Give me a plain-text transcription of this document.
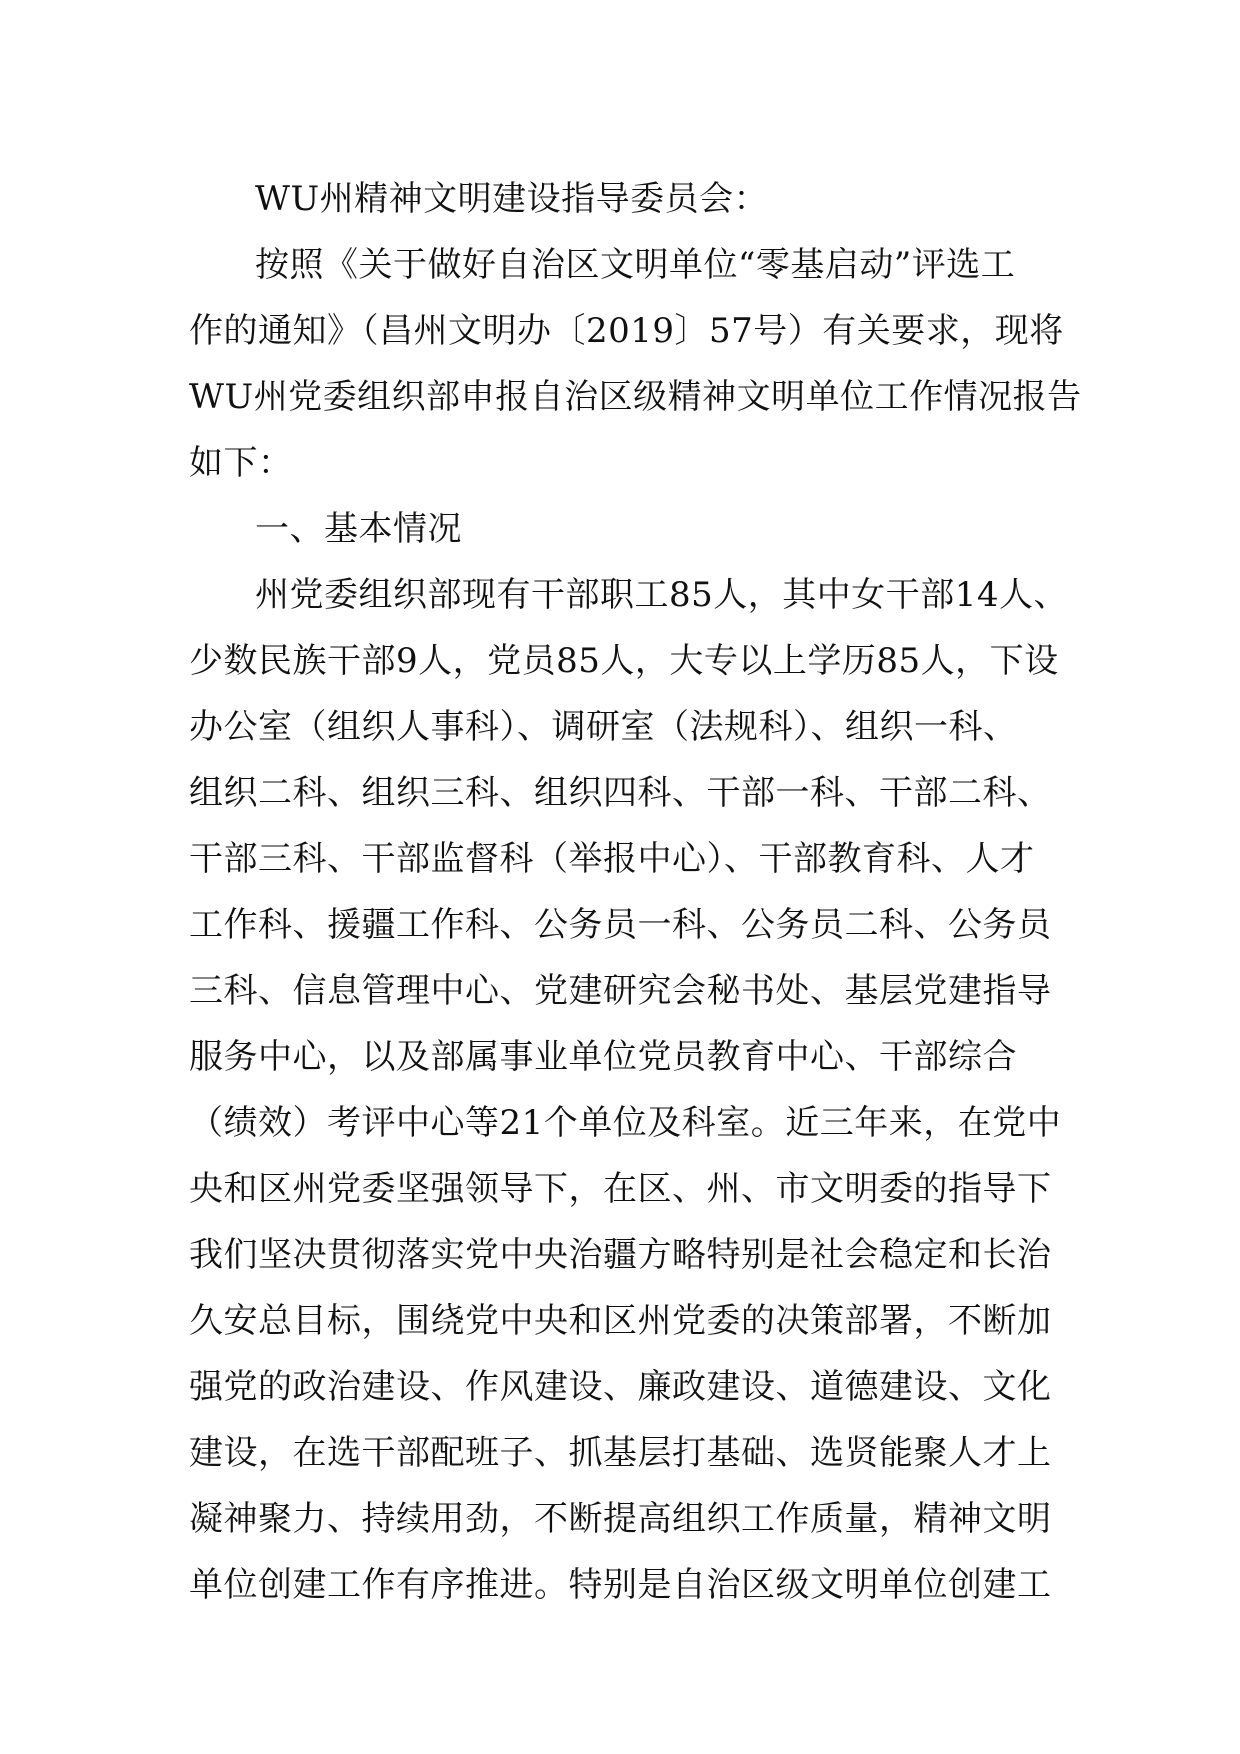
WU州精神文明建设指导委员会：
按照《关于做好自治区文明单位“零基启动”评选工
作的通知》（昌州文明办〔2019〕57号）有关要求，现将
WU州党委组织部申报自治区级精神文明单位工作情况报告
如下：
一、基本情况
州党委组织部现有干部职工85人，其中女干部14人、
少数民族干部9人，党员85人，大专以上学历85人，下设
办公室（组织人事科）、调研室（法规科）、组织一科、
组织二科、组织三科、组织四科、干部一科、干部二科、
干部三科、干部监督科（举报中心）、干部教育科、人才
工作科、援疆工作科、公务员一科、公务员二科、公务员
三科、信息管理中心、党建研究会秘书处、基层党建指导
服务中心，以及部属事业单位党员教育中心、干部综合
（绩效）考评中心等21个单位及科室。近三年来，在党中
央和区州党委坚强领导下，在区、州、市文明委的指导下
我们坚决贯彻落实党中央治疆方略特别是社会稳定和长治
久安总目标，围绕党中央和区州党委的决策部署，不断加
强党的政治建设、作风建设、廉政建设、道德建设、文化
建设，在选干部配班子、抓基层打基础、选贤能聚人才上
凝神聚力、持续用劲，不断提高组织工作质量，精神文明
单位创建工作有序推进。特别是自治区级文明单位创建工
